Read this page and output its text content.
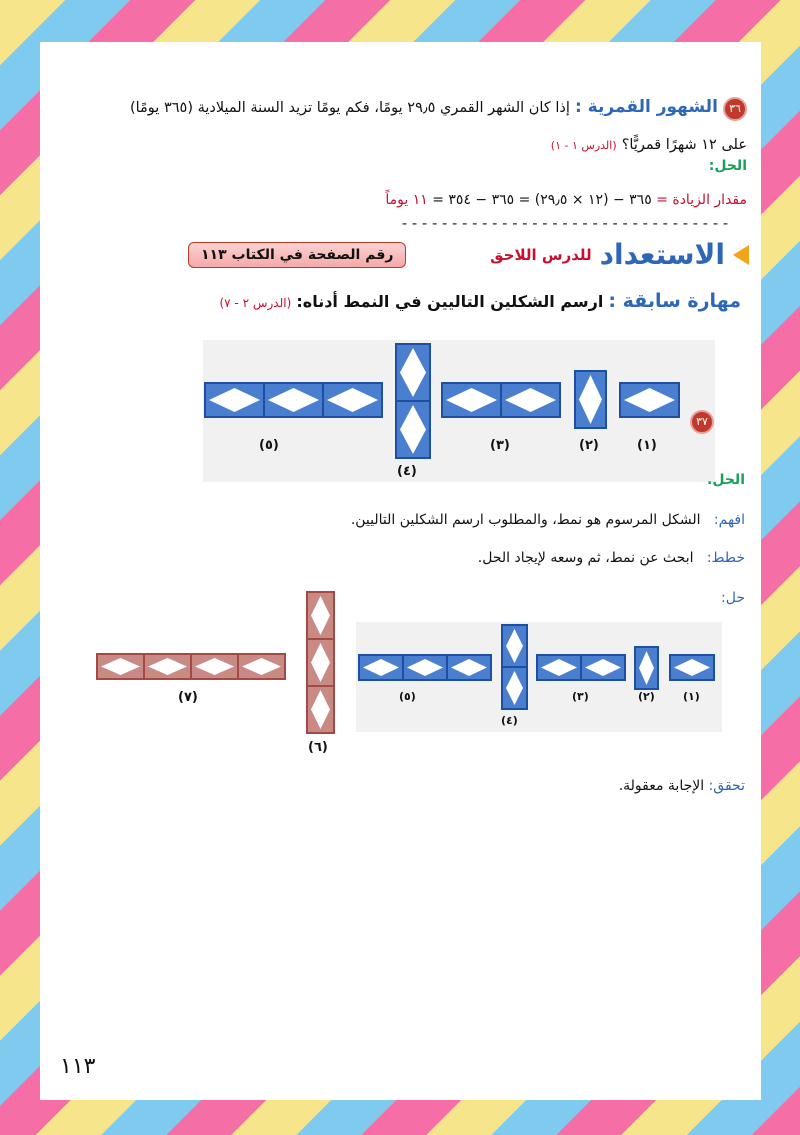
٣٦ الشهور القمرية : إذا كان الشهر القمري ٢٩٫٥ يومًا، فكم يومًا تزيد السنة الميلادية (٣٦٥ يومًا)
على ١٢ شهرًا قمريًّا؟ (الدرس ١ - ١)
الحل:
مقدار الزيادة = ٣٦٥ − (١٢ × ٢٩٫٥) = ٣٦٥ − ٣٥٤ = ١١ يوماً
---------------------------------
الاستعداد
للدرس اللاحق
رقم الصفحة في الكتاب ١١٣
مهارة سابقة : ارسم الشكلين التاليين في النمط أدناه: (الدرس ٢ - ٧)
(٥)
(٤)
(٣)	(٢)	(١)
٣٧
الحل.
افهم:   الشكل المرسوم هو نمط، والمطلوب ارسم الشكلين التاليين.
خطط:   ابحث عن نمط، ثم وسعه لإيجاد الحل.
حل:
(٧)
(٦)
(٥)
(٤)
(٣)	(٢)	(١)
تحقق: الإجابة معقولة.
١١٣
